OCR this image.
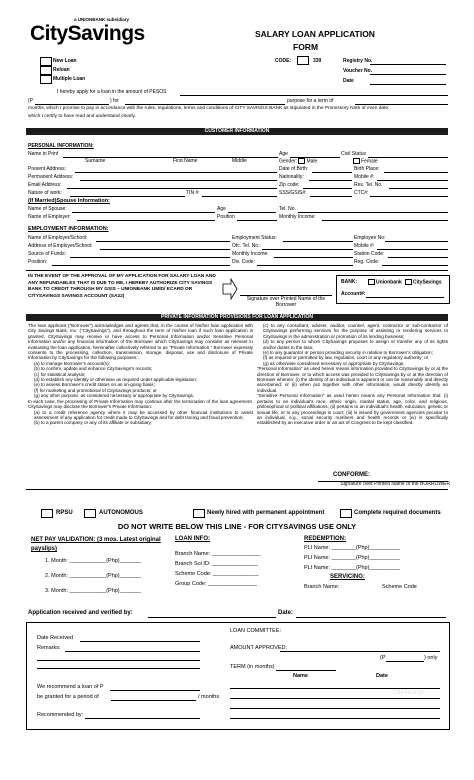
a UNIONBANK subsidiary
CitySavings	SALARY LOAN APPLICATION
FORM
New Loan
Reloan
Multiple Loan
CODE:	339	Registry No.
Voucher No.
Date
I hereby apply for a loan in the amount of PESOS
(P	) for	purpose for a term of
months, which I promise to pay in accordance with the rules, regulations, terms and conditions of CITY SAVINGS BANK as stipulated in the Promissory Note of even date;
which I certify to have read and understand clearly.
CUSTOMER INFORMATION
PERSONAL INFORMATION:
Name in Print	Age	Civil Status
Surname	First Name	Middle	Gender: Male	Female
Present Address:	Date of Birth:	Birth Place:
Permanent Address:	Nationality:	Mobile #:
Email Address:	Zip code:	Res. Tel. No.
Nature of work:	TIN #:	SSS/GSIS#:	CTC#:
(If Married)Spouse Information:
Name of Spouse:	Age	Tel. No.
Name of Employer:	Position	Monthly Income:
EMPLOYMENT INFORMATION:
Name of Employer/School:	Employment Status:	Employee No:
Address of Employer/School:	Ofc. Tel. No.:	Mobile #:
Source of Funds:	Monthly Income:	Station Code:
Position:	Div. Code:	Reg. Code:
IN THE EVENT OF THE APPROVAL OF MY APPLICATION FOR SALARY LOAN AND ANY REFUNDABLES THAT IS DUE TO ME, I HEREBY AUTHORIZE CITY SAVINGS BANK TO CREDIT THROUGH MY GSIS – UNIONBANK UMID/ ECARD OR CITYSAVINGS SAVINGS ACCOUNT (SA22)	Signature over Printed Name of the Borrower
BANK:	Unionbank	CitySavings
Account#:
PRIVATE INFORMATION PROVISIONS FOR LOAN APPLICATION
The loan applicant (“Borrower”) acknowledges and agrees that, in the course of his/her loan application with City Savings Bank, Inc. (“CitySavings”), and throughout the term of his/her loan if such loan application is granted, CitySavings may receive or have access to Personal Information and/or Sensitive Personal Information and/or any financial information of the Borrower which CitySavings may consider as relevant in evaluating the loan application, hereinafter collectively referred to as “Private Information.” Borrower expressly consents to the processing, collection, transmission, storage, disposal, use and disclosure of Private Information by CitySavings for the following purposes:
(a) to manage Borrower’s account(s);
(b) to confirm, update and enhance CitySavings’s records;
(c) for statistical analysis;
(d) to establish any identity or otherwise as required under applicable legislation;
(e) to assess Borrower’s credit status on an on-going basis;
(f) for marketing and promotional of CitySavings products; or
(g) any other purpose, as considered necessary or appropriate by CitySavings.
In each case, the processing of Private Information may continue after the termination of the loan agreement. CitySavings may disclose the Borrower’s Private Information:
(a) to a credit reference agency where it may be accessed by other financial institutions to assist assessment of any application for credit made to CitySavings and for debt tracing and fraud prevention;
(b) to a parent company or any of its affiliate or subsidiary;
(c) to any consultant, adviser, auditor, counsel, agent, contractor or sub-contractor of CitySavings performing services for the purpose of assisting or rendering services to CitySavings in the administration or promotion of its lending business;
(d) to any person to whom CitySavings proposes to assign or transfer any of its rights and/or duties to the loan;
(e) to any guarantor or person providing security in relation to Borrower’s obligation;
(f) as required or permitted by law, regulation, court or any regulatory authority; or
(g) as otherwise considered necessary or appropriate by CitySavings.
“Personal Information” as used herein means information provided to CitySavings by or at the direction of Borrower, or to which access was provided to CitySavings by or at the direction of Borrower wherein: (i) the identity of an individual is apparent or can be reasonably and directly ascertained; or (ii) when put together with other information, would directly identify an individual.
“Sensitive Personal Information” as used herein means any Personal Information that: (i) pertains to an individual’s race, ethnic origin, marital status, age, color, and religious, philosophical or political affiliations; (ii) pertains to an individual’s health, education, genetic or sexual life, or to any proceedings in court; (iii) is issued by government agencies peculiar to an individual, e.g., social security numbers and health records or (iv) is specifically established by an executive order or an act of Congress to be kept classified.
CONFORME:
Signature over Printed Name of the BORROWER
RPSU	AUTONOMOUS	Newly hired with permanent appointment	Complete required documents
DO NOT WRITE BELOW THIS LINE - FOR CITYSAVINGS USE ONLY
NET PAY VALIDATION: (3 mos. Latest original payslips)
1. Month: ____________(Php)_______
2. Month: ____________(Php)_______
3. Month: ____________(Php)_______
LOAN INFO:
Branch Name: ________________
Branch Sol ID: _______________
Scheme Code: _______________
Group Code: ________________
REDEMPTION:
PLI Name: ________(Php)__________
PLI Name: ________(Php)__________
PLI Name: ________(Php)__________
SERVICING:
Branch Name:	Scheme Code
Application received and verified by:	Date:
LOAN COMMITTEE:
Date Received
Remarks:	AMOUNT APPROVED:
(P	) only
TERM (in months)
Name	Date
We recommend a loan of P
be granted for a period of	/ months
Recommended by:
CitySavings
